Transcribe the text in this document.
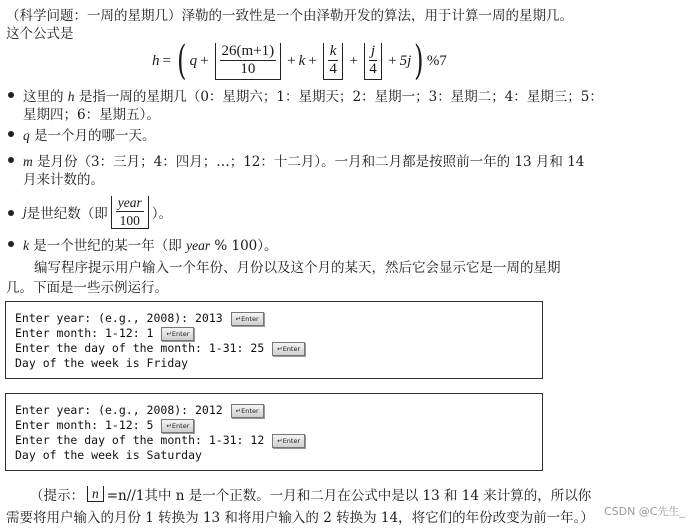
（科学问题：一周的星期几）泽勒的一致性是一个由泽勒开发的算法，用于计算一周的星期几。
这个公式是
h = ( $q + \frac{26(m+1)}{10} + k + \frac{k}{4} + \frac{j}{4} + 5j$ ) %7
这里的 h 是指一周的星期几（0：星期六；1：星期天；2：星期一；3：星期二；4：星期三；5：
星期四；6：星期五）。
q 是一个月的哪一天。
m 是月份（3：三月；4：四月；…；12：十二月）。一月和二月都是按照前一年的 13 月和 14
月来计数的。
j 是世纪数（即 $\frac{\text{year}}{100}$ ）。
k 是一个世纪的某一年（即 year % 100）。
编写程序提示用户输入一个年份、月份以及这个月的某天，然后它会显示它是一周的星期
几。下面是一些示例运行。
Enter year: (e.g., 2008): 2013 ↵Enter
Enter month: 1-12: 1 ↵Enter
Enter the day of the month: 1-31: 25 ↵Enter
Day of the week is Friday
Enter year: (e.g., 2008): 2012 ↵Enter
Enter month: 1-12: 5 ↵Enter
Enter the day of the month: 1-31: 12 ↵Enter
Day of the week is Saturday
（提示： n =n//1其中 n 是一个正数。一月和二月在公式中是以 13 和 14 来计算的，所以你
需要将用户输入的月份 1 转换为 13 和将用户输入的 2 转换为 14，将它们的年份改变为前一年。） CSDN @C先生_
